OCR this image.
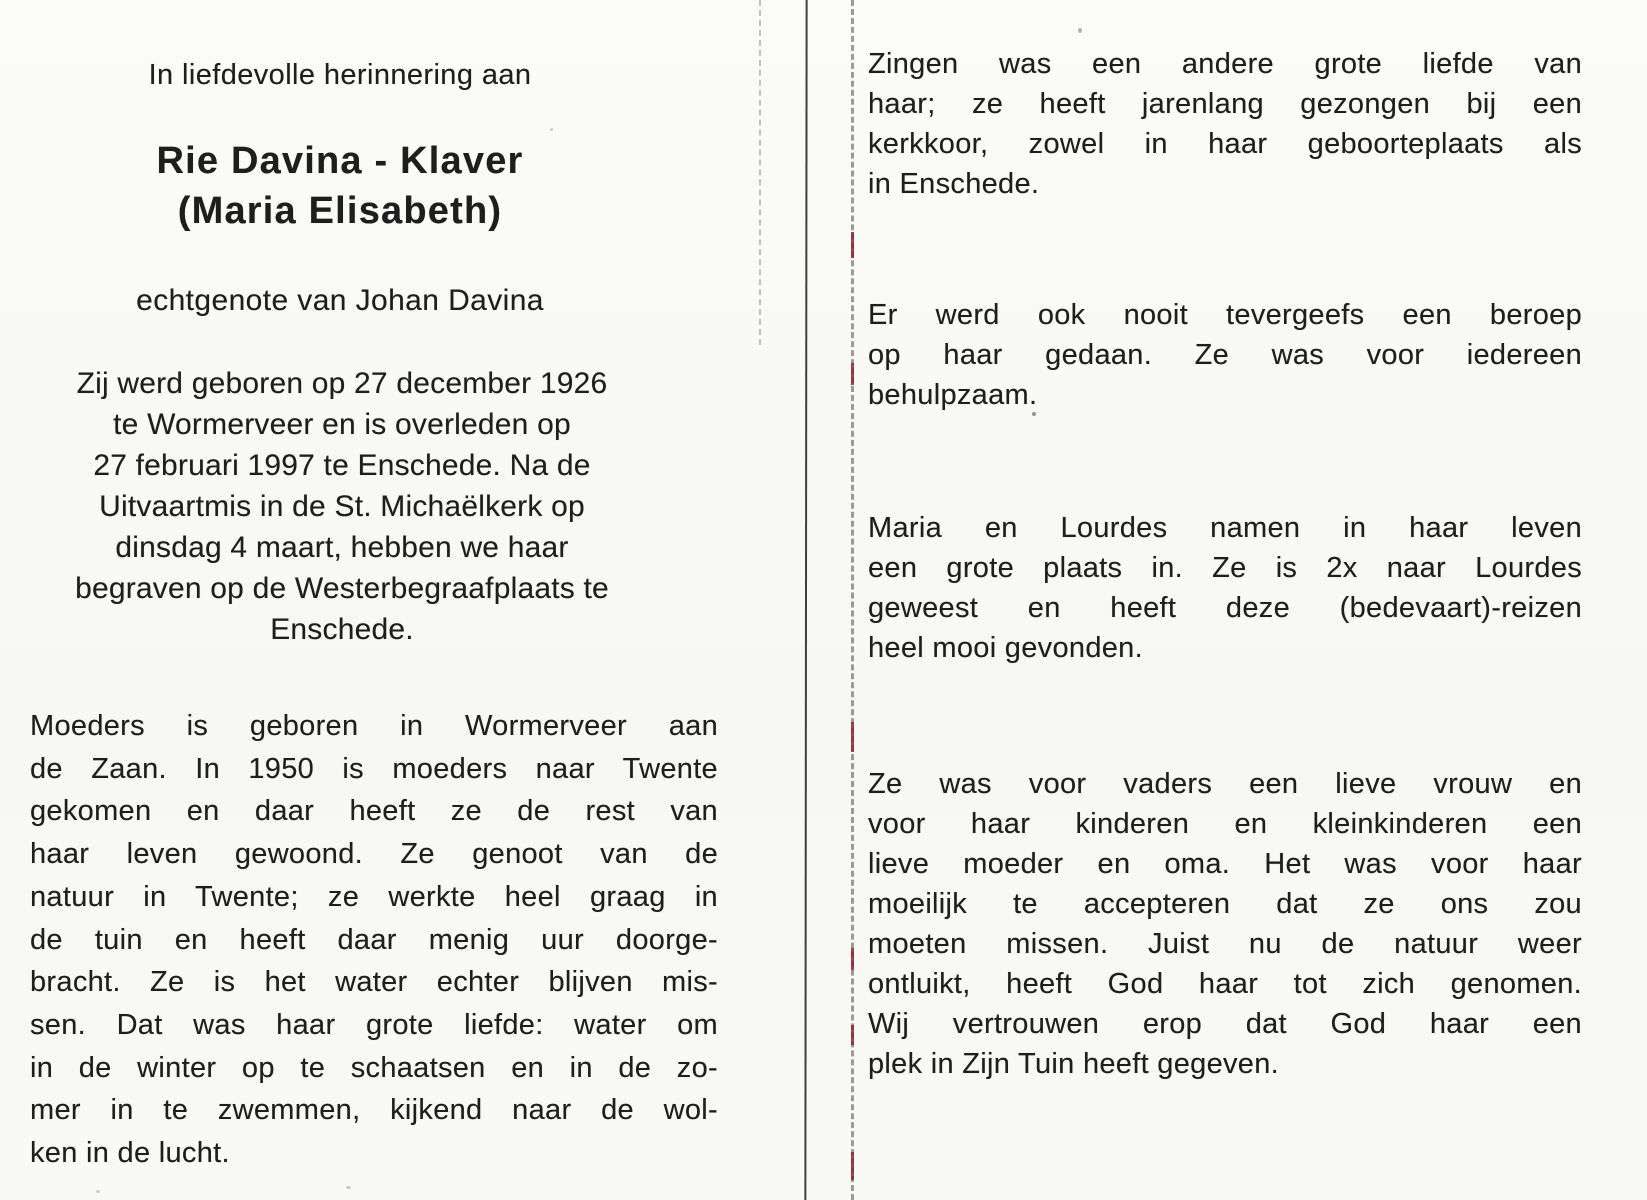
In liefdevolle herinnering aan
Rie Davina - Klaver
(Maria Elisabeth)
echtgenote van Johan Davina
Zij werd geboren op 27 december 1926
te Wormerveer en is overleden op
27 februari 1997 te Enschede. Na de
Uitvaartmis in de St. Michaëlkerk op
dinsdag 4 maart, hebben we haar
begraven op de Westerbegraafplaats te
Enschede.
Moeders is geboren in Wormerveer aan
de Zaan. In 1950 is moeders naar Twente
gekomen en daar heeft ze de rest van
haar leven gewoond. Ze genoot van de
natuur in Twente; ze werkte heel graag in
de tuin en heeft daar menig uur doorge-
bracht. Ze is het water echter blijven mis-
sen. Dat was haar grote liefde: water om
in de winter op te schaatsen en in de zo-
mer in te zwemmen, kijkend naar de wol-
ken in de lucht.
Zingen was een andere grote liefde van
haar; ze heeft jarenlang gezongen bij een
kerkkoor, zowel in haar geboorteplaats als
in Enschede.
Er werd ook nooit tevergeefs een beroep
op haar gedaan. Ze was voor iedereen
behulpzaam.
Maria en Lourdes namen in haar leven
een grote plaats in. Ze is 2x naar Lourdes
geweest en heeft deze (bedevaart)-reizen
heel mooi gevonden.
Ze was voor vaders een lieve vrouw en
voor haar kinderen en kleinkinderen een
lieve moeder en oma. Het was voor haar
moeilijk te accepteren dat ze ons zou
moeten missen. Juist nu de natuur weer
ontluikt, heeft God haar tot zich genomen.
Wij vertrouwen erop dat God haar een
plek in Zijn Tuin heeft gegeven.
